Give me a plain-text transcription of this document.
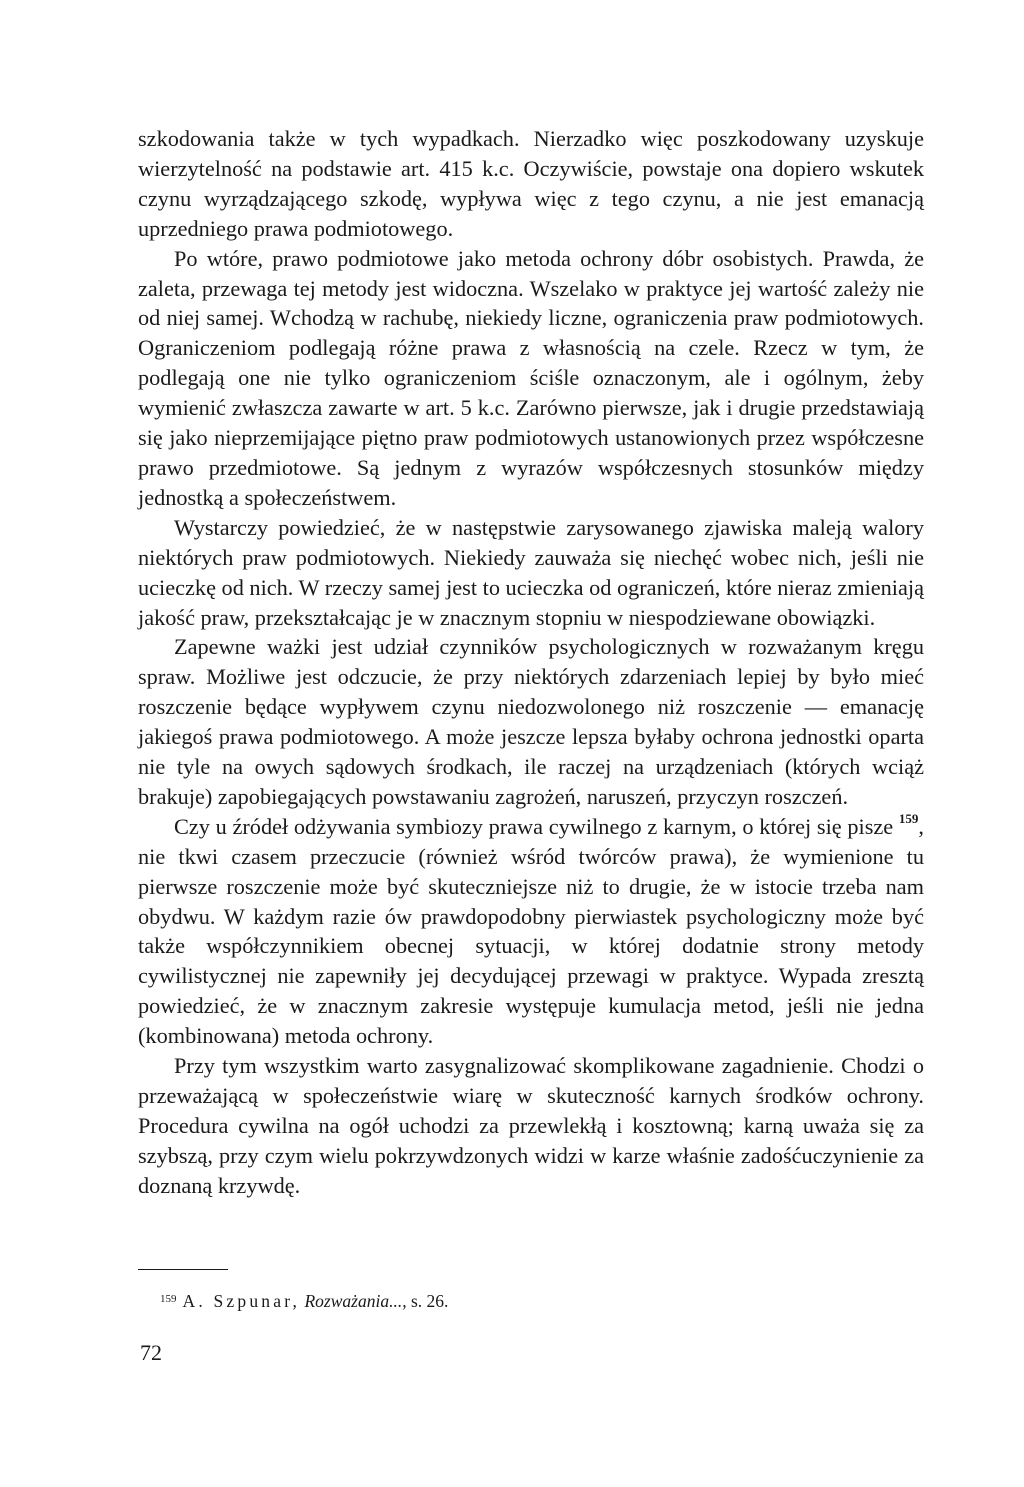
szkodowania także w tych wypadkach. Nierzadko więc poszkodowany uzyskuje wierzytelność na podstawie art. 415 k.c. Oczywiście, powstaje ona dopiero wskutek czynu wyrządzającego szkodę, wypływa więc z tego czynu, a nie jest emanacją uprzedniego prawa podmiotowego.

Po wtóre, prawo podmiotowe jako metoda ochrony dóbr osobistych. Prawda, że zaleta, przewaga tej metody jest widoczna. Wszelako w praktyce jej wartość zależy nie od niej samej. Wchodzą w rachubę, niekiedy liczne, ograniczenia praw podmiotowych. Ograniczeniom podlegają różne prawa z własnością na czele. Rzecz w tym, że podlegają one nie tylko ograniczeniom ściśle oznaczonym, ale i ogólnym, żeby wymienić zwłaszcza zawarte w art. 5 k.c. Zarówno pierwsze, jak i drugie przedstawiają się jako nieprzemijające piętno praw podmiotowych ustanowionych przez współczesne prawo przedmiotowe. Są jednym z wyrazów współczesnych stosunków między jednostką a społeczeństwem.

Wystarczy powiedzieć, że w następstwie zarysowanego zjawiska maleją walory niektórych praw podmiotowych. Niekiedy zauważa się niechęć wobec nich, jeśli nie ucieczkę od nich. W rzeczy samej jest to ucieczka od ograniczeń, które nieraz zmieniają jakość praw, przekształcając je w znacznym stopniu w niespodziewane obowiązki.

Zapewne ważki jest udział czynników psychologicznych w rozważanym kręgu spraw. Możliwe jest odczucie, że przy niektórych zdarzeniach lepiej by było mieć roszczenie będące wypływem czynu niedozwolonego niż roszczenie — emanację jakiegoś prawa podmiotowego. A może jeszcze lepsza byłaby ochrona jednostki oparta nie tyle na owych sądowych środkach, ile raczej na urządzeniach (których wciąż brakuje) zapobiegających powstawaniu zagrożeń, naruszeń, przyczyn roszczeń.

Czy u źródeł odżywania symbiozy prawa cywilnego z karnym, o której się pisze $^{159}$, nie tkwi czasem przeczucie (również wśród twórców prawa), że wymienione tu pierwsze roszczenie może być skuteczniejsze niż to drugie, że w istocie trzeba nam obydwu. W każdym razie ów prawdopodobny pierwiastek psychologiczny może być także współczynnikiem obecnej sytuacji, w której dodatnie strony metody cywilistycznej nie zapewniły jej decydującej przewagi w praktyce. Wypada zresztą powiedzieć, że w znacznym zakresie występuje kumulacja metod, jeśli nie jedna (kombinowana) metoda ochrony.

Przy tym wszystkim warto zasygnalizować skomplikowane zagadnienie. Chodzi o przeważającą w społeczeństwie wiarę w skuteczność karnych środków ochrony. Procedura cywilna na ogół uchodzi za przewlekłą i kosztowną; karną uważa się za szybszą, przy czym wielu pokrzywdzonych widzi w karze właśnie zadośćuczynienie za doznaną krzywdę.

$^{159}$ A. Szpunar, Rozważania..., s. 26.
72
